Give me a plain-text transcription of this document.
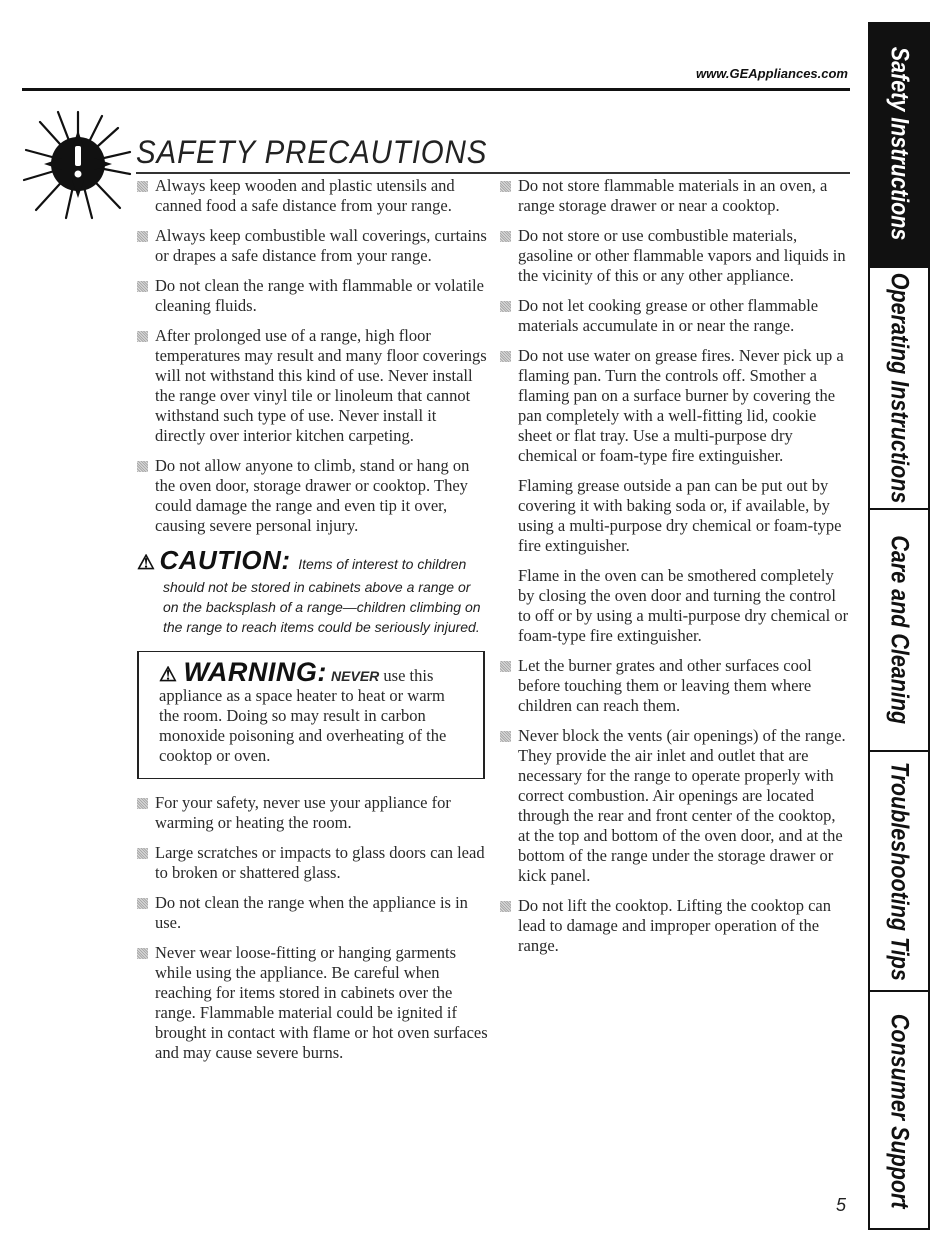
www.GEAppliances.com
SAFETY PRECAUTIONS
Always keep wooden and plastic utensils and canned food a safe distance from your range.
Always keep combustible wall coverings, curtains or drapes a safe distance from your range.
Do not clean the range with flammable or volatile cleaning fluids.
After prolonged use of a range, high floor temperatures may result and many floor coverings will not withstand this kind of use. Never install the range over vinyl tile or linoleum that cannot withstand such type of use. Never install it directly over interior kitchen carpeting.
Do not allow anyone to climb, stand or hang on the oven door, storage drawer or cooktop. They could damage the range and even tip it over, causing severe personal injury.
⚠ CAUTION: Items of interest to children
should not be stored in cabinets above a range or on the backsplash of a range—children climbing on the range to reach items could be seriously injured.
⚠ WARNING: NEVER use this appliance as a space heater to heat or warm the room. Doing so may result in carbon monoxide poisoning and overheating of the cooktop or oven.
For your safety, never use your appliance for warming or heating the room.
Large scratches or impacts to glass doors can lead to broken or shattered glass.
Do not clean the range when the appliance is in use.
Never wear loose-fitting or hanging garments while using the appliance. Be careful when reaching for items stored in cabinets over the range. Flammable material could be ignited if brought in contact with flame or hot oven surfaces and may cause severe burns.
Do not store flammable materials in an oven, a range storage drawer or near a cooktop.
Do not store or use combustible materials, gasoline or other flammable vapors and liquids in the vicinity of this or any other appliance.
Do not let cooking grease or other flammable materials accumulate in or near the range.
Do not use water on grease fires. Never pick up a flaming pan. Turn the controls off. Smother a flaming pan on a surface burner by covering the pan completely with a well-fitting lid, cookie sheet or flat tray. Use a multi-purpose dry chemical or foam-type fire extinguisher.
Flaming grease outside a pan can be put out by covering it with baking soda or, if available, by using a multi-purpose dry chemical or foam-type fire extinguisher.
Flame in the oven can be smothered completely by closing the oven door and turning the control to off or by using a multi-purpose dry chemical or foam-type fire extinguisher.
Let the burner grates and other surfaces cool before touching them or leaving them where children can reach them.
Never block the vents (air openings) of the range. They provide the air inlet and outlet that are necessary for the range to operate properly with correct combustion. Air openings are located through the rear and front center of the cooktop, at the top and bottom of the oven door, and at the bottom of the range under the storage drawer or kick panel.
Do not lift the cooktop. Lifting the cooktop can lead to damage and improper operation of the range.
Safety Instructions
Operating Instructions
Care and Cleaning
Troubleshooting Tips
Consumer Support
5
